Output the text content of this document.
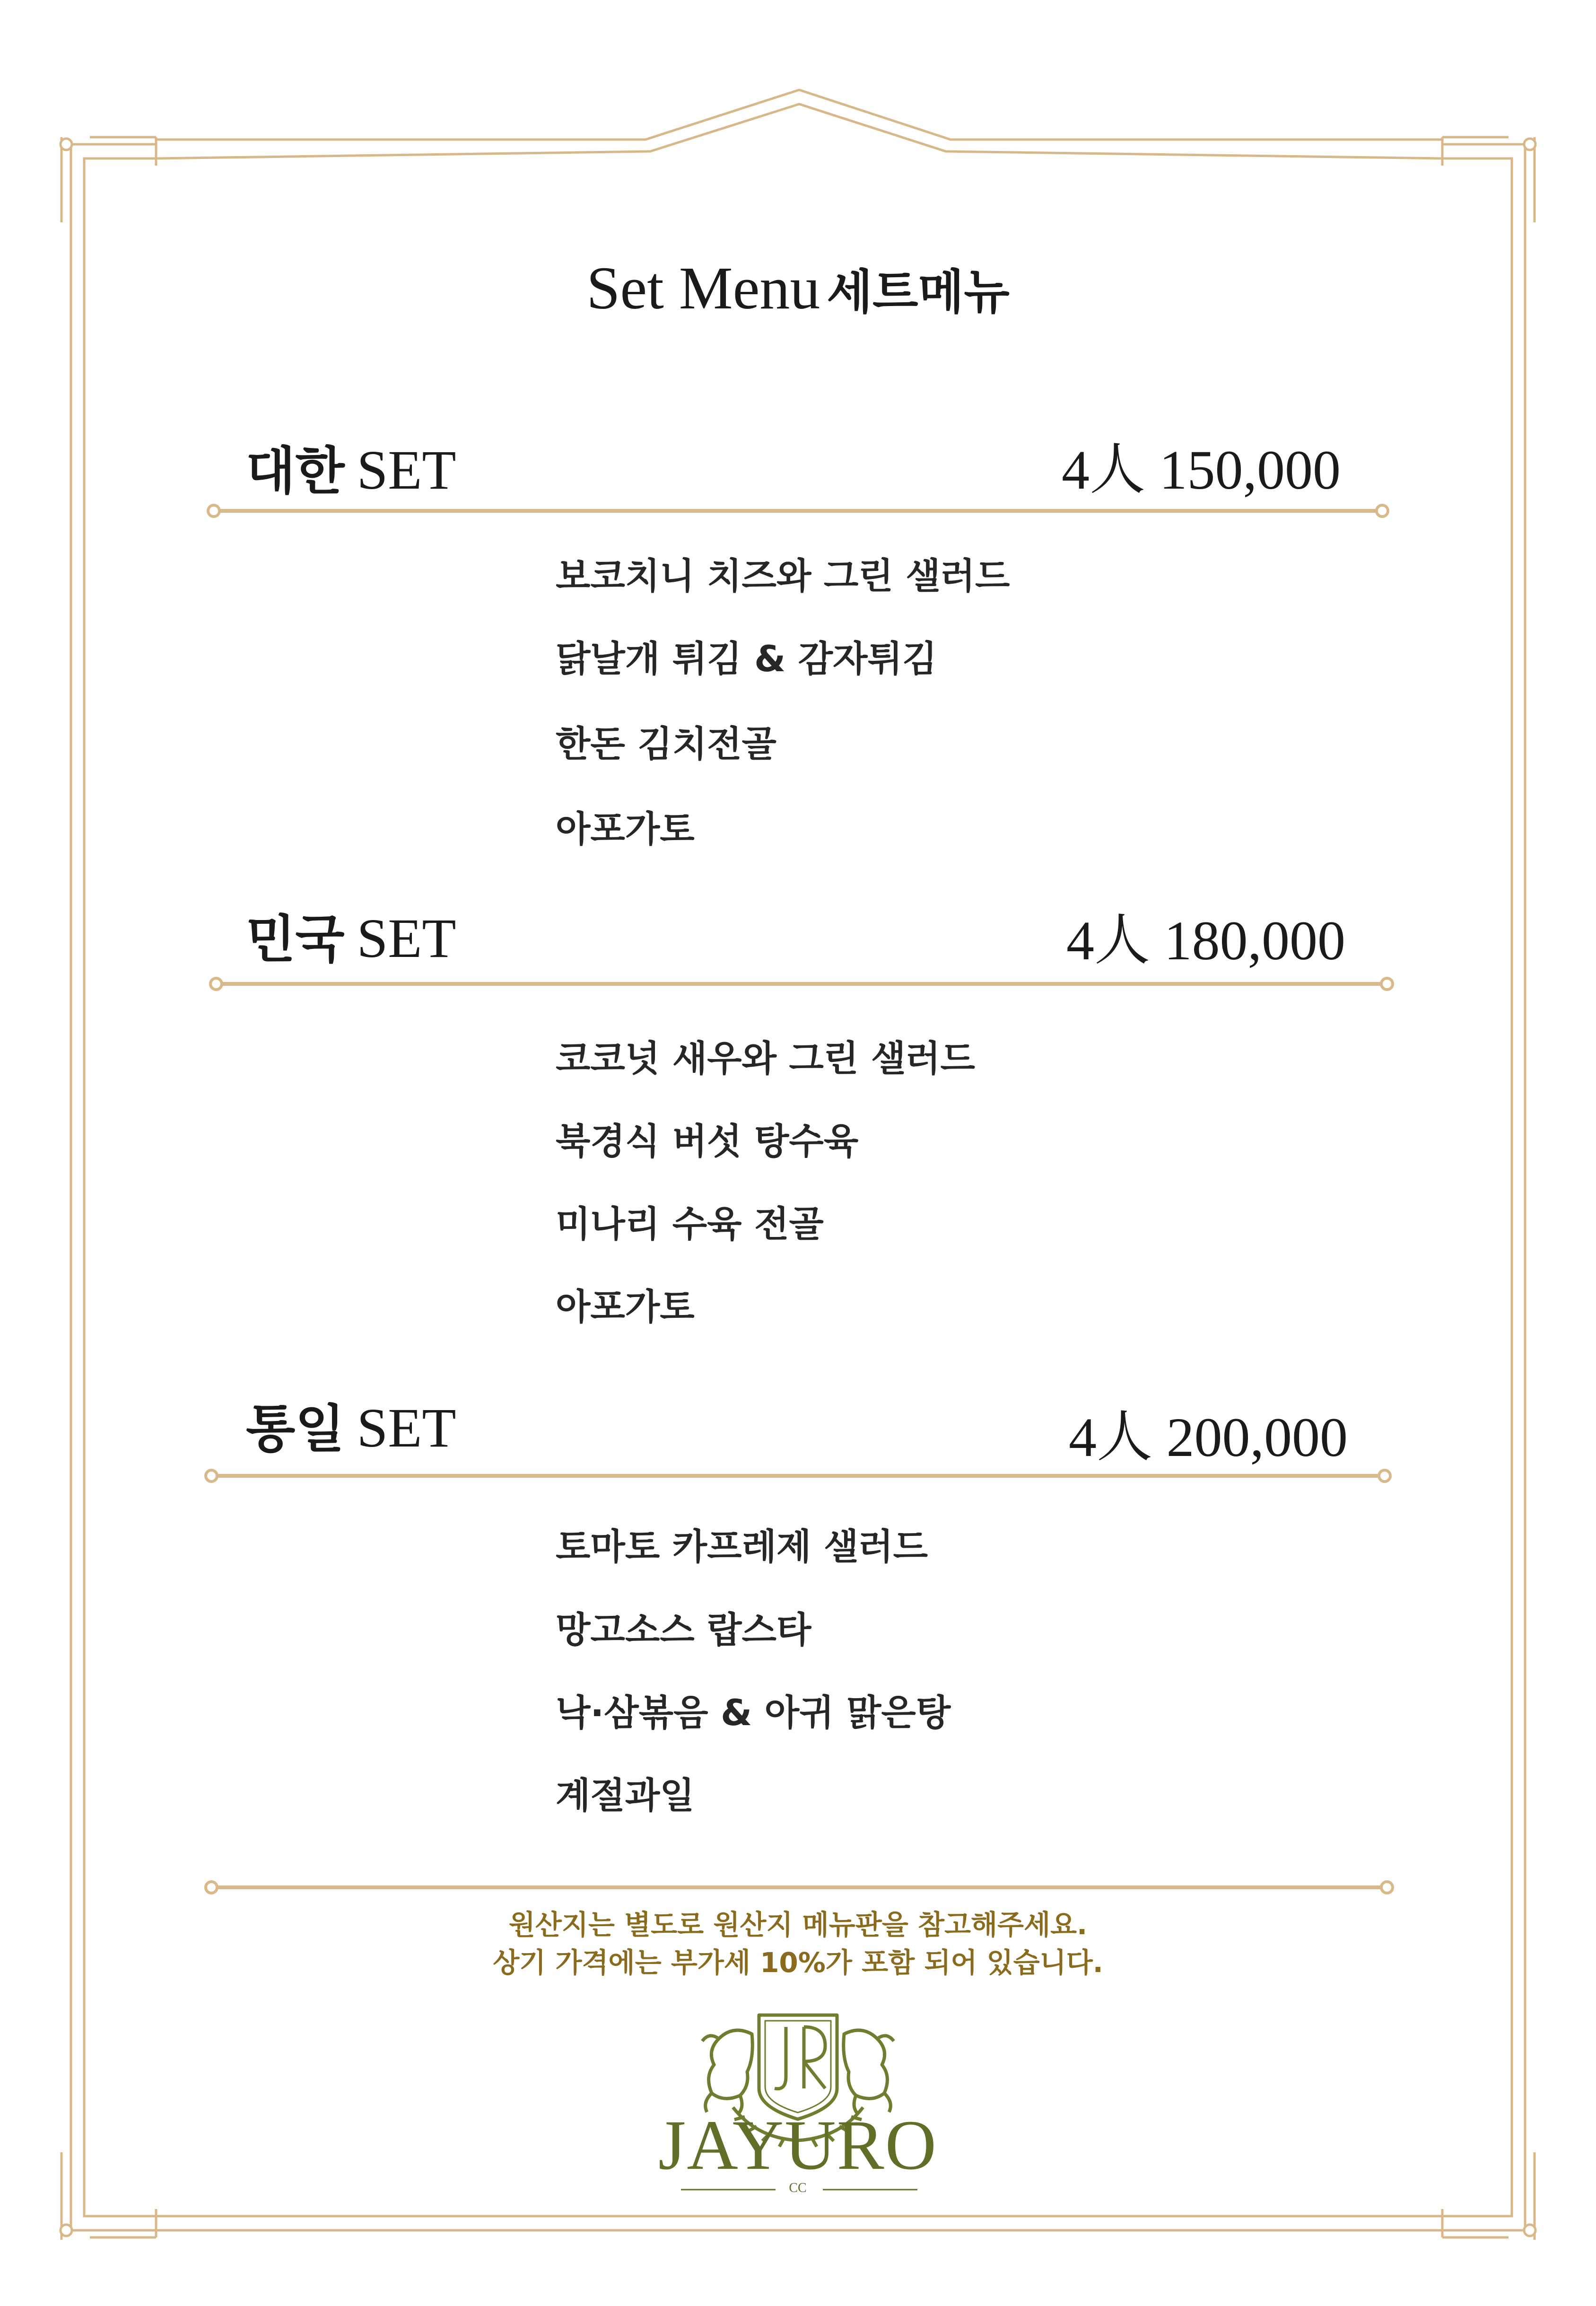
Set Menu 세트메뉴
대한 SET	4人 150,000
보코치니 치즈와 그린 샐러드
닭날개 튀김 & 감자튀김
한돈 김치전골
아포가토
민국 SET	4人 180,000
코코넛 새우와 그린 샐러드
북경식 버섯 탕수육
미나리 수육 전골
아포가토
통일 SET	4人 200,000
토마토 카프레제 샐러드
망고소스 랍스타
낙·삼볶음 & 아귀 맑은탕
계절과일
원산지는 별도로 원산지 메뉴판을 참고해주세요.
상기 가격에는 부가세 10%가 포함 되어 있습니다.
JAYURO
CC
